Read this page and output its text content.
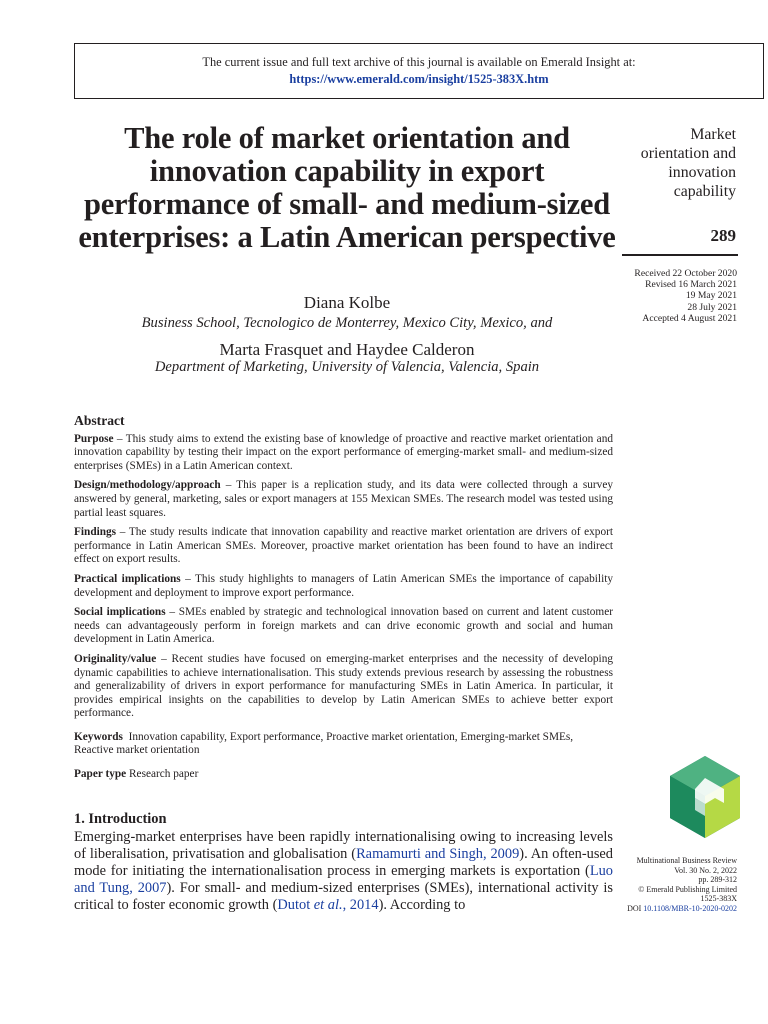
The current issue and full text archive of this journal is available on Emerald Insight at:
https://www.emerald.com/insight/1525-383X.htm
The role of market orientation and innovation capability in export performance of small- and medium-sized enterprises: a Latin American perspective
Diana Kolbe
Business School, Tecnologico de Monterrey, Mexico City, Mexico, and
Marta Frasquet and Haydee Calderon
Department of Marketing, University of Valencia, Valencia, Spain
Market
orientation and
innovation
capability
289
Received 22 October 2020
Revised 16 March 2021
19 May 2021
28 July 2021
Accepted 4 August 2021
Abstract

Purpose – This study aims to extend the existing base of knowledge of proactive and reactive market orientation and innovation capability by testing their impact on the export performance of emerging-market small- and medium-sized enterprises (SMEs) in a Latin American context.

Design/methodology/approach – This paper is a replication study, and its data were collected through a survey answered by general, marketing, sales or export managers at 155 Mexican SMEs. The research model was tested using partial least squares.

Findings – The study results indicate that innovation capability and reactive market orientation are drivers of export performance in Latin American SMEs. Moreover, proactive market orientation has been found to have an indirect effect on export results.

Practical implications – This study highlights to managers of Latin American SMEs the importance of capability development and deployment to improve export performance.

Social implications – SMEs enabled by strategic and technological innovation based on current and latent customer needs can advantageously perform in foreign markets and can drive economic growth and social and human development in Latin America.

Originality/value – Recent studies have focused on emerging-market enterprises and the necessity of developing dynamic capabilities to achieve internationalisation. This study extends previous research by assessing the robustness and generalizability of drivers in export performance for manufacturing SMEs in Latin America. In particular, it provides empirical insights on the capabilities to develop by Latin American SMEs to achieve better export performance.

Keywords Innovation capability, Export performance, Proactive market orientation, Emerging-market SMEs, Reactive market orientation

Paper type Research paper

1. Introduction

Emerging-market enterprises have been rapidly internationalising owing to increasing levels of liberalisation, privatisation and globalisation (Ramamurti and Singh, 2009). An often-used mode for initiating the internationalisation process in emerging markets is exportation (Luo and Tung, 2007). For small- and medium-sized enterprises (SMEs), international activity is critical to foster economic growth (Dutot et al., 2014). According to

Multinational Business Review
Vol. 30 No. 2, 2022
pp. 289-312
© Emerald Publishing Limited
1525-383X
DOI 10.1108/MBR-10-2020-0202
